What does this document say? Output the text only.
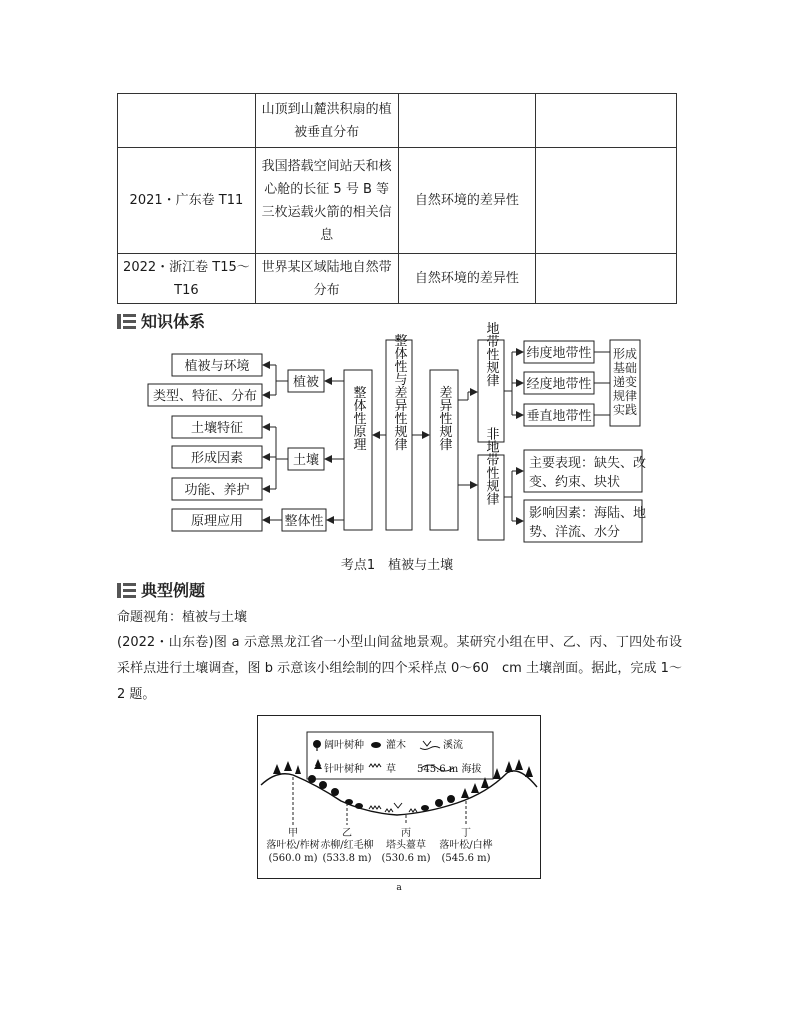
	山顶到山麓洪积扇的植被垂直分布		
2021・广东卷 T11	我国搭载空间站天和核心舱的长征 5 号 B 等三枚运载火箭的相关信息	自然环境的差异性	
2022・浙江卷 T15～T16	世界某区域陆地自然带分布	自然环境的差异性	
知识体系
植被与环境
类型、特征、分布
土壤特征
形成因素
功能、养护
原理应用
植被
土壤
整体性
纬度地带性
经度地带性
垂直地带性
主要表现：缺失、改
变、约束、块状
影响因素：海陆、地
势、洋流、水分
整体性原理 整体性与差异性规律 差异性规律
地带性规律
非地带性规律
形成
基础
递变
规律
实践
考点1　植被与土壤
典型例题
命题视角：植被与土壤
(2022・山东卷)图 a 示意黑龙江省一小型山间盆地景观。某研究小组在甲、乙、丙、丁四处布设采样点进行土壤调查，图 b 示意该小组绘制的四个采样点 0～60　cm 土壤剖面。据此，完成 1～2 题。
阔叶树种 灌木	溪流
针叶树种 草 545.6 m 海拔
甲
落叶松/柞树
(560.0 m)
乙
赤柳/红毛柳
(533.8 m)
丙
塔头薹草
(530.6 m)
丁
落叶松/白桦
(545.6 m)
a
